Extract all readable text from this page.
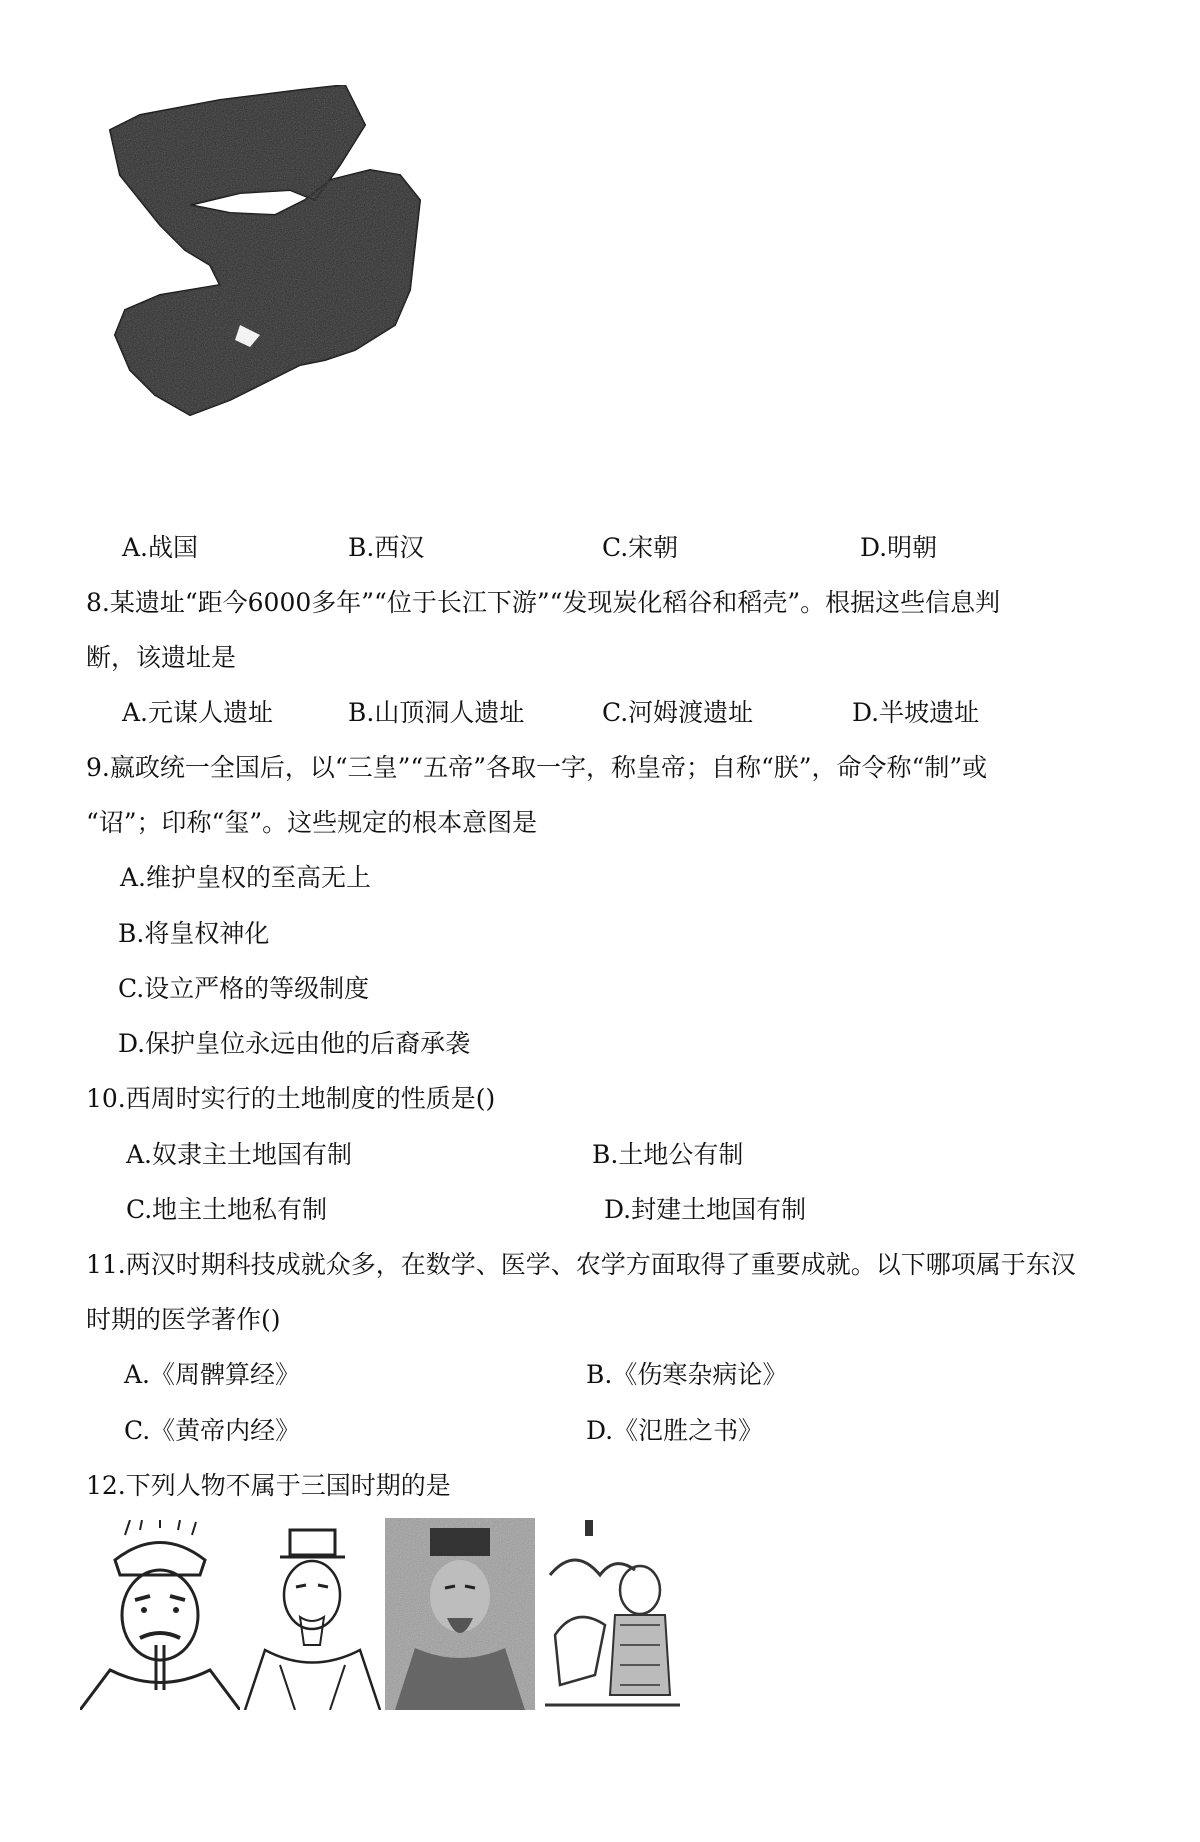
A.战国	B.西汉	C.宋朝	D.明朝
8.某遗址“距今6000多年”“位于长江下游”“发现炭化稻谷和稻壳”。根据这些信息判
断，该遗址是
A.元谋人遗址	B.山顶洞人遗址	C.河姆渡遗址	D.半坡遗址
9.嬴政统一全国后，以“三皇”“五帝”各取一字，称皇帝；自称“朕”，命令称“制”或
“诏”；印称“玺”。这些规定的根本意图是
A.维护皇权的至高无上
B.将皇权神化
C.设立严格的等级制度
D.保护皇位永远由他的后裔承袭
10.西周时实行的土地制度的性质是()
A.奴隶主土地国有制	B.土地公有制
C.地主土地私有制	D.封建土地国有制
11.两汉时期科技成就众多，在数学、医学、农学方面取得了重要成就。以下哪项属于东汉
时期的医学著作()
A.《周髀算经》	B.《伤寒杂病论》
C.《黄帝内经》	D.《氾胜之书》
12.下列人物不属于三国时期的是
